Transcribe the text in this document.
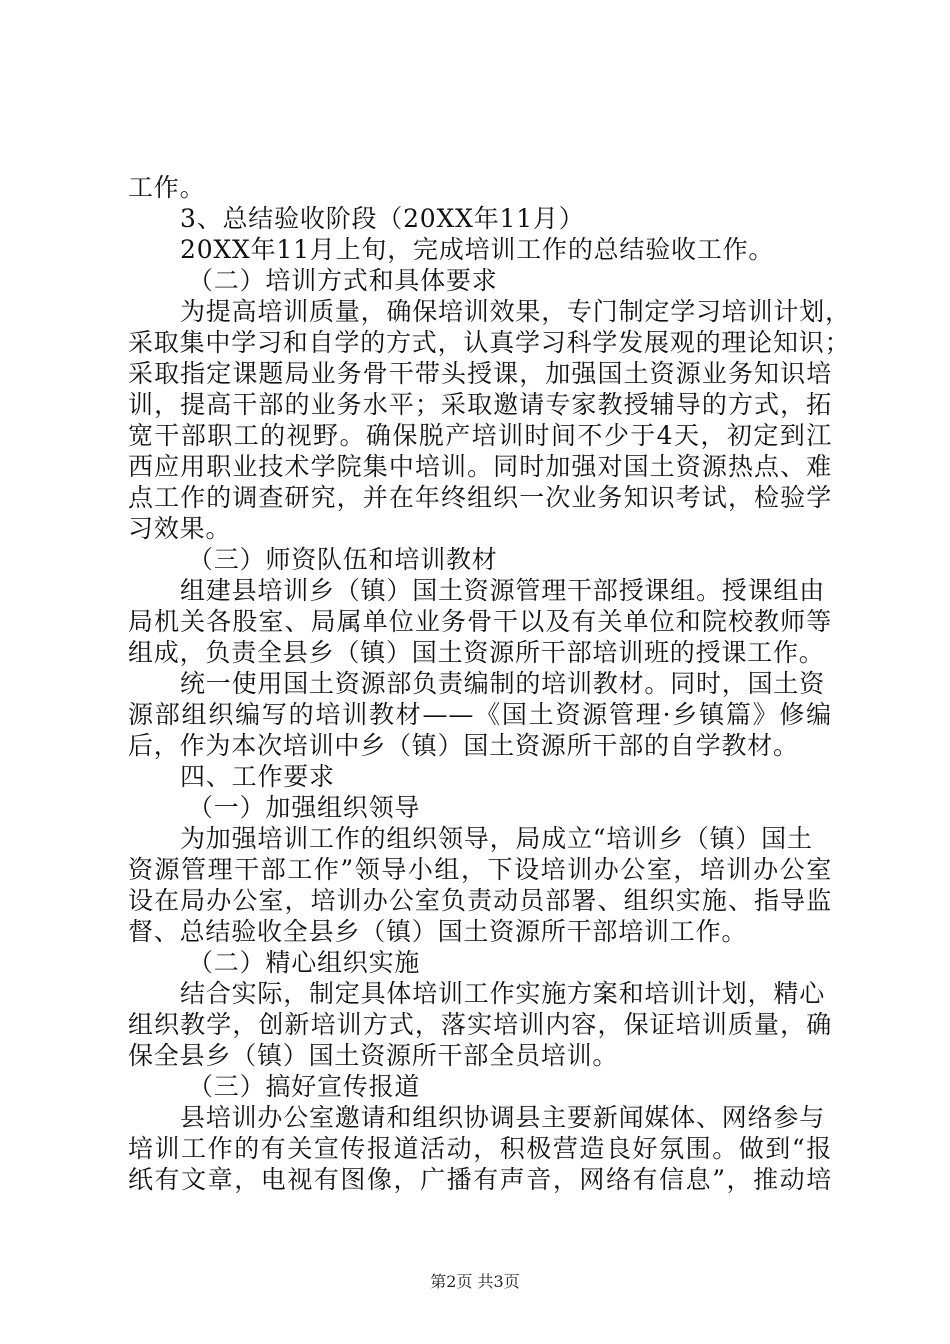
工作。
3、总结验收阶段（20XX年11月）
20XX年11月上旬，完成培训工作的总结验收工作。
（二）培训方式和具体要求
为提高培训质量，确保培训效果，专门制定学习培训计划，
采取集中学习和自学的方式，认真学习科学发展观的理论知识；
采取指定课题局业务骨干带头授课，加强国土资源业务知识培
训，提高干部的业务水平；采取邀请专家教授辅导的方式，拓
宽干部职工的视野。确保脱产培训时间不少于4天，初定到江
西应用职业技术学院集中培训。同时加强对国土资源热点、难
点工作的调查研究，并在年终组织一次业务知识考试，检验学
习效果。
（三）师资队伍和培训教材
组建县培训乡（镇）国土资源管理干部授课组。授课组由
局机关各股室、局属单位业务骨干以及有关单位和院校教师等
组成，负责全县乡（镇）国土资源所干部培训班的授课工作。
统一使用国土资源部负责编制的培训教材。同时，国土资
源部组织编写的培训教材——《国土资源管理·乡镇篇》修编
后，作为本次培训中乡（镇）国土资源所干部的自学教材。
四、工作要求
（一）加强组织领导
为加强培训工作的组织领导，局成立“培训乡（镇）国土
资源管理干部工作”领导小组，下设培训办公室，培训办公室
设在局办公室，培训办公室负责动员部署、组织实施、指导监
督、总结验收全县乡（镇）国土资源所干部培训工作。
（二）精心组织实施
结合实际，制定具体培训工作实施方案和培训计划，精心
组织教学，创新培训方式，落实培训内容，保证培训质量，确
保全县乡（镇）国土资源所干部全员培训。
（三）搞好宣传报道
县培训办公室邀请和组织协调县主要新闻媒体、网络参与
培训工作的有关宣传报道活动，积极营造良好氛围。做到“报
纸有文章，电视有图像，广播有声音，网络有信息”，推动培
第2页 共3页
